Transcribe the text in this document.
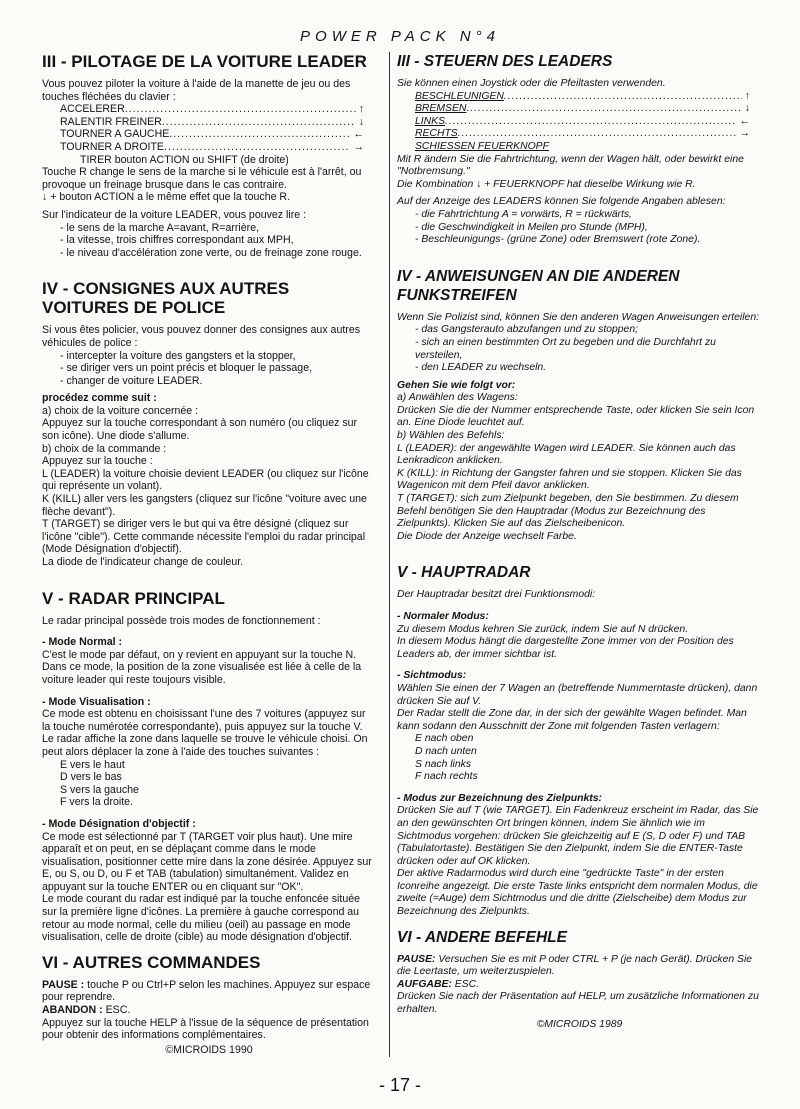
POWER PACK N°4
III - PILOTAGE DE LA VOITURE LEADER

Vous pouvez piloter la voiture à l'aide de la manette de jeu ou des touches fléchées du clavier :

ACCELERER .....	↑
RALENTIR FREINER .....	↓
TOURNER A GAUCHE .....	←
TOURNER A DROITE .....	→

TIRER bouton ACTION ou SHIFT (de droite)

Touche R change le sens de la marche si le véhicule est à l'arrêt, ou provoque un freinage brusque dans le cas contraire.

↓ + bouton ACTION a le même effet que la touche R.

Sur l'indicateur de la voiture LEADER, vous pouvez lire :

- le sens de la marche A=avant, R=arrière,

- la vitesse, trois chiffres correspondant aux MPH,

- le niveau d'accélération zone verte, ou de freinage zone rouge.

IV - CONSIGNES AUX AUTRES VOITURES DE POLICE

Si vous êtes policier, vous pouvez donner des consignes aux autres véhicules de police :

- intercepter la voiture des gangsters et la stopper,

- se diriger vers un point précis et bloquer le passage,

- changer de voiture LEADER.

procédez comme suit :

a) choix de la voiture concernée :

Appuyez sur la touche correspondant à son numéro (ou cliquez sur son icône). Une diode s'allume.

b) choix de la commande :

Appuyez sur la touche :

L (LEADER) la voiture choisie devient LEADER (ou cliquez sur l'icône qui représente un volant).

K (KILL) aller vers les gangsters (cliquez sur l'icône "voiture avec une flèche devant").

T (TARGET) se diriger vers le but qui va être désigné (cliquez sur l'icône "cible"). Cette commande nécessite l'emploi du radar principal (Mode Désignation d'objectif).

La diode de l'indicateur change de couleur.

V - RADAR PRINCIPAL

Le radar principal possède trois modes de fonctionnement :

- Mode Normal :

C'est le mode par défaut, on y revient en appuyant sur la touche N.

Dans ce mode, la position de la zone visualisée est liée à celle de la voiture leader qui reste toujours visible.

- Mode Visualisation :

Ce mode est obtenu en choisissant l'une des 7 voitures (appuyez sur la touche numérotée correspondante), puis appuyez sur la touche V.

Le radar affiche la zone dans laquelle se trouve le véhicule choisi. On peut alors déplacer la zone à l'aide des touches suivantes :

E vers le haut

D vers le bas

S vers la gauche

F vers la droite.

- Mode Désignation d'objectif :

Ce mode est sélectionné par T (TARGET voir plus haut). Une mire apparaît et on peut, en se déplaçant comme dans le mode visualisation, positionner cette mire dans la zone désirée. Appuyez sur E, ou S, ou D, ou F et TAB (tabulation) simultanément. Validez en appuyant sur la touche ENTER ou en cliquant sur "OK".

Le mode courant du radar est indiqué par la touche enfoncée située sur la première ligne d'icônes. La première à gauche correspond au retour au mode normal, celle du milieu (oeil) au passage en mode visualisation, celle de droite (cible) au mode désignation d'objectif.

VI - AUTRES COMMANDES

PAUSE : touche P ou Ctrl+P selon les machines. Appuyez sur espace pour reprendre.

ABANDON : ESC.

Appuyez sur la touche HELP à l'issue de la séquence de présentation pour obtenir des informations complémentaires.

©MICROIDS 1990

III - STEUERN DES LEADERS

Sie können einen Joystick oder die Pfeiltasten verwenden.

BESCHLEUNIGEN .....	↑
BREMSEN .....	↓
LINKS .....	←
RECHTS .....	→

SCHIESSEN FEUERKNOPF

Mit R ändern Sie die Fahrtrichtung, wenn der Wagen hält, oder bewirkt eine "Notbremsung."

Die Kombination ↓ + FEUERKNOPF hat dieselbe Wirkung wie R.

Auf der Anzeige des LEADERS können Sie folgende Angaben ablesen:

- die Fahrtrichtung A = vorwärts, R = rückwärts,

- die Geschwindigkeit in Meilen pro Stunde (MPH),

- Beschleunigungs- (grüne Zone) oder Bremswert (rote Zone).

IV - ANWEISUNGEN AN DIE ANDEREN FUNKSTREIFEN

Wenn Sie Polizist sind, können Sie den anderen Wagen Anweisungen erteilen:

- das Gangsterauto abzufangen und zu stoppen;

- sich an einen bestimmten Ort zu begeben und die Durchfahrt zu versteilen,

- den LEADER zu wechseln.

Gehen Sie wie folgt vor:

a) Anwählen des Wagens:

Drücken Sie die der Nummer entsprechende Taste, oder klicken Sie sein Icon an. Eine Diode leuchtet auf.

b) Wählen des Befehls:

L (LEADER): der angewählte Wagen wird LEADER. Sie können auch das Lenkradicon anklicken.

K (KILL): in Richtung der Gangster fahren und sie stoppen. Klicken Sie das Wagenicon mit dem Pfeil davor anklicken.

T (TARGET): sich zum Zielpunkt begeben, den Sie bestimmen. Zu diesem Befehl benötigen Sie den Hauptradar (Modus zur Bezeichnung des Zielpunkts). Klicken Sie auf das Zielscheibenicon.

Die Diode der Anzeige wechselt Farbe.

V - HAUPTRADAR

Der Hauptradar besitzt drei Funktionsmodi:

- Normaler Modus:

Zu diesem Modus kehren Sie zurück, indem Sie auf N drücken.

In diesem Modus hängt die dargestellte Zone immer von der Position des Leaders ab, der immer sichtbar ist.

- Sichtmodus:

Wählen Sie einen der 7 Wagen an (betreffende Nummerntaste drücken), dann drücken Sie auf V.

Der Radar stellt die Zone dar, in der sich der gewählte Wagen befindet. Man kann sodann den Ausschnitt der Zone mit folgenden Tasten verlagern:

E nach oben

D nach unten

S nach links

F nach rechts

- Modus zur Bezeichnung des Zielpunkts:

Drücken Sie auf T (wie TARGET). Ein Fadenkreuz erscheint im Radar, das Sie an den gewünschten Ort bringen können, indem Sie ähnlich wie im Sichtmodus vorgehen: drücken Sie gleichzeitig auf E (S, D oder F) und TAB (Tabulatortaste). Bestätigen Sie den Zielpunkt, indem Sie die ENTER-Taste drücken oder auf OK klicken.

Der aktive Radarmodus wird durch eine "gedrückte Taste" in der ersten Iconreihe angezeigt. Die erste Taste links entspricht dem normalen Modus, die zweite (=Auge) dem Sichtmodus und die dritte (Zielscheibe) dem Modus zur Bezeichnung des Zielpunkts.

VI - ANDERE BEFEHLE

PAUSE: Versuchen Sie es mit P oder CTRL + P (je nach Gerät). Drücken Sie die Leertaste, um weiterzuspielen.

AUFGABE: ESC.

Drücken Sie nach der Präsentation auf HELP, um zusätzliche Informationen zu erhalten.

©MICROIDS 1989

- 17 -
